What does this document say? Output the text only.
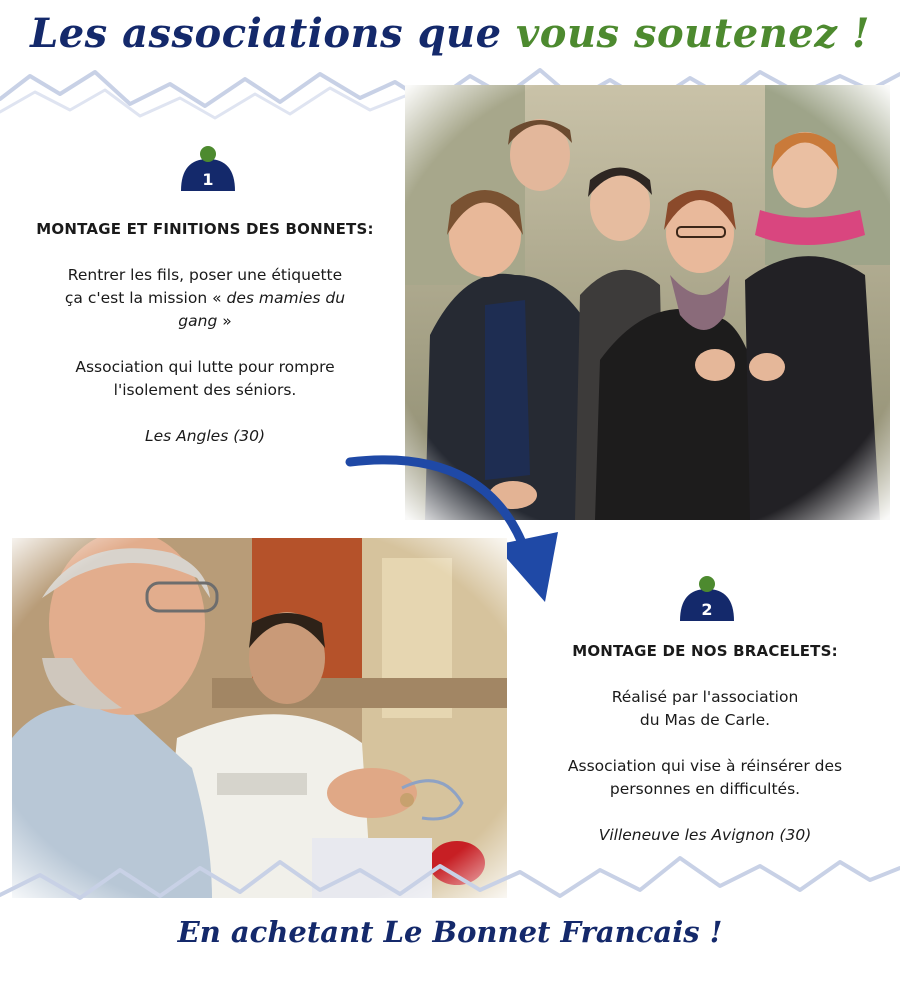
Les associations que vous soutenez !
1

MONTAGE ET FINITIONS DES BONNETS:

Rentrer les fils, poser une étiquette

ça c'est la mission « des mamies du

gang »

Association qui lutte pour rompre

l'isolement des séniors.

Les Angles (30)

2

MONTAGE DE NOS BRACELETS:

Réalisé par l'association

du Mas de Carle.

Association qui vise à réinsérer des

personnes en difficultés.

Villeneuve les Avignon (30)

En achetant Le Bonnet Francais !
